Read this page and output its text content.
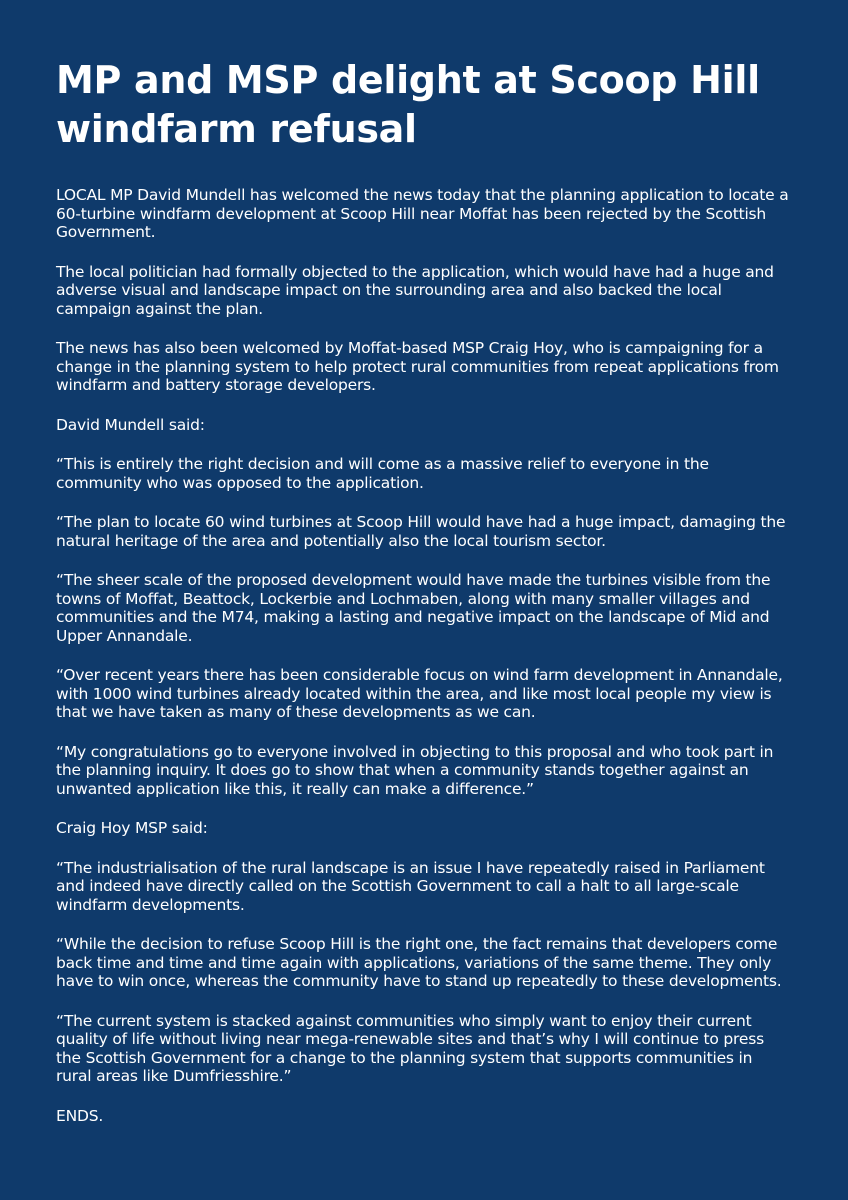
MP and MSP delight at Scoop Hill windfarm refusal

LOCAL MP David Mundell has welcomed the news today that the planning application to locate a 60-turbine windfarm development at Scoop Hill near Moffat has been rejected by the Scottish Government.

The local politician had formally objected to the application, which would have had a huge and adverse visual and landscape impact on the surrounding area and also backed the local campaign against the plan.

The news has also been welcomed by Moffat-based MSP Craig Hoy, who is campaigning for a change in the planning system to help protect rural communities from repeat applications from windfarm and battery storage developers.

David Mundell said:

“This is entirely the right decision and will come as a massive relief to everyone in the community who was opposed to the application.

“The plan to locate 60 wind turbines at Scoop Hill would have had a huge impact, damaging the natural heritage of the area and potentially also the local tourism sector.

“The sheer scale of the proposed development would have made the turbines visible from the towns of Moffat, Beattock, Lockerbie and Lochmaben, along with many smaller villages and communities and the M74, making a lasting and negative impact on the landscape of Mid and Upper Annandale.

“Over recent years there has been considerable focus on wind farm development in Annandale, with 1000 wind turbines already located within the area, and like most local people my view is that we have taken as many of these developments as we can.

“My congratulations go to everyone involved in objecting to this proposal and who took part in the planning inquiry. It does go to show that when a community stands together against an unwanted application like this, it really can make a difference.”

Craig Hoy MSP said:

“The industrialisation of the rural landscape is an issue I have repeatedly raised in Parliament and indeed have directly called on the Scottish Government to call a halt to all large-scale windfarm developments.

“While the decision to refuse Scoop Hill is the right one, the fact remains that developers come back time and time and time again with applications, variations of the same theme. They only have to win once, whereas the community have to stand up repeatedly to these developments.

“The current system is stacked against communities who simply want to enjoy their current quality of life without living near mega-renewable sites and that’s why I will continue to press the Scottish Government for a change to the planning system that supports communities in rural areas like Dumfriesshire.”

ENDS.
